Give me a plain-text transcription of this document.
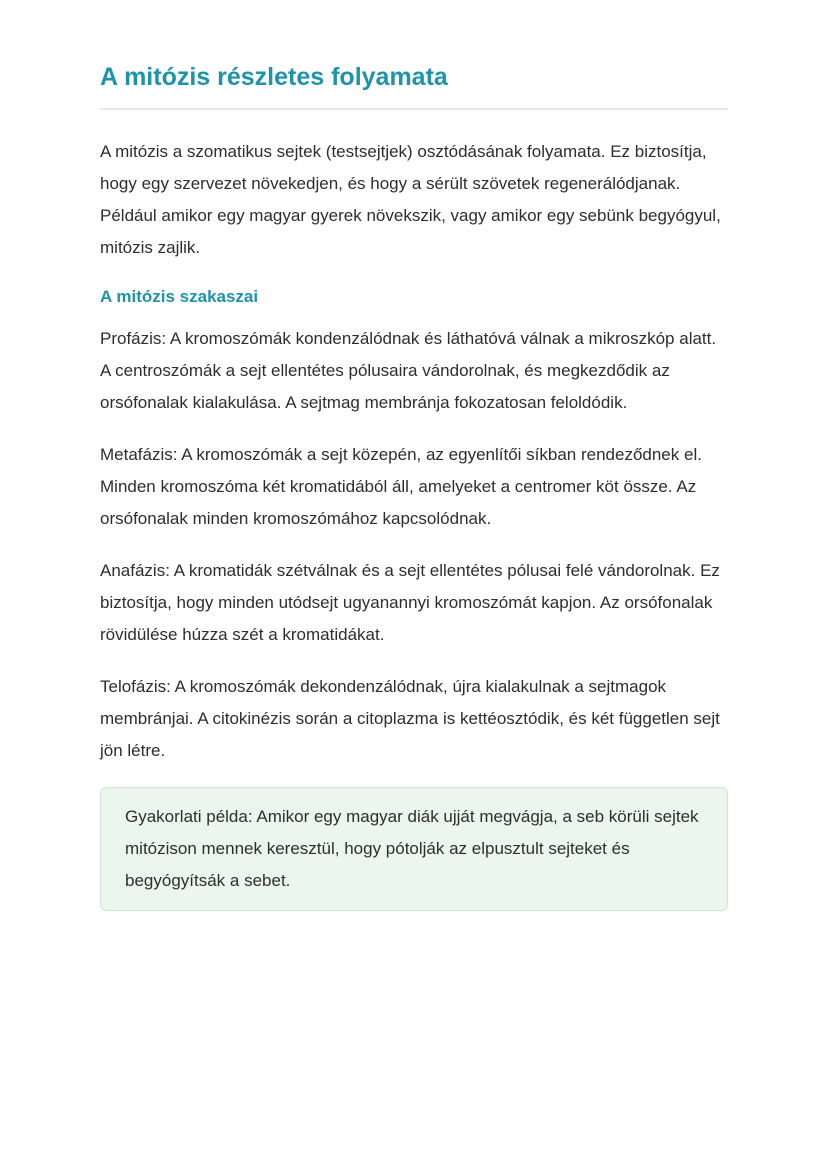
A mitózis részletes folyamata

A mitózis a szomatikus sejtek (testsejtjek) osztódásának folyamata. Ez biztosítja, hogy egy szervezet növekedjen, és hogy a sérült szövetek regenerálódjanak. Például amikor egy magyar gyerek növekszik, vagy amikor egy sebünk begyógyul, mitózis zajlik.

A mitózis szakaszai

Profázis: A kromoszómák kondenzálódnak és láthatóvá válnak a mikroszkóp alatt. A centroszómák a sejt ellentétes pólusaira vándorolnak, és megkezdődik az orsófonalak kialakulása. A sejtmag membránja fokozatosan feloldódik.

Metafázis: A kromoszómák a sejt közepén, az egyenlítői síkban rendeződnek el. Minden kromoszóma két kromatidából áll, amelyeket a centromer köt össze. Az orsófonalak minden kromoszómához kapcsolódnak.

Anafázis: A kromatidák szétválnak és a sejt ellentétes pólusai felé vándorolnak. Ez biztosítja, hogy minden utódsejt ugyanannyi kromoszómát kapjon. Az orsófonalak rövidülése húzza szét a kromatidákat.

Telofázis: A kromoszómák dekondenzálódnak, újra kialakulnak a sejtmagok membránjai. A citokinézis során a citoplazma is kettéosztódik, és két független sejt jön létre.

Gyakorlati példa: Amikor egy magyar diák ujját megvágja, a seb körüli sejtek mitózison mennek keresztül, hogy pótolják az elpusztult sejteket és begyógyítsák a sebet.
